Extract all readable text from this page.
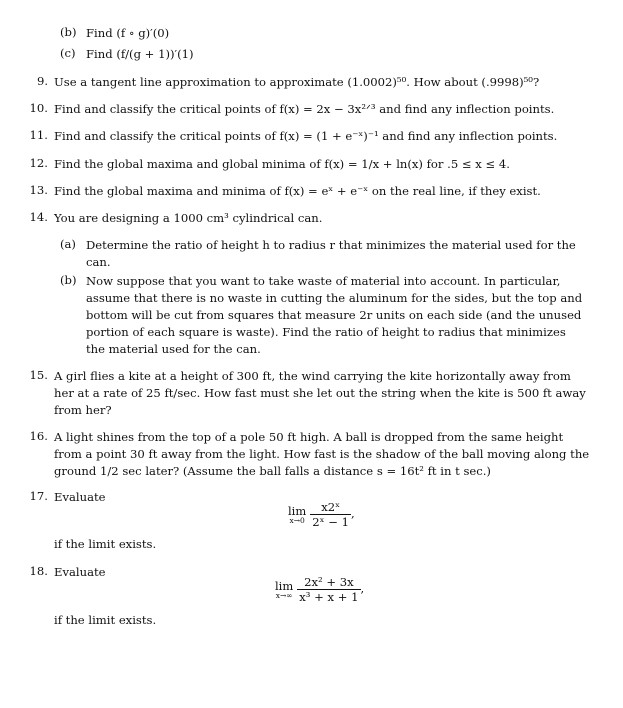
(b) Find (f ∘ g)′(0)
(c) Find (f/(g + 1))′(1)
9. Use a tangent line approximation to approximate (1.0002)⁵⁰. How about (.9998)⁵⁰?
10. Find and classify the critical points of f(x) = 2x − 3x²ᐟ³ and find any inflection points.
11. Find and classify the critical points of f(x) = (1 + e⁻ˣ)⁻¹ and find any inflection points.
12. Find the global maxima and global minima of f(x) = 1/x + ln(x) for .5 ≤ x ≤ 4.
13. Find the global maxima and minima of f(x) = eˣ + e⁻ˣ on the real line, if they exist.
14. You are designing a 1000 cm³ cylindrical can.
(a) Determine the ratio of height h to radius r that minimizes the material used for the can.
(b) Now suppose that you want to take waste of material into account. In particular, assume that there is no waste in cutting the aluminum for the sides, but the top and bottom will be cut from squares that measure 2r units on each side (and the unused portion of each square is waste). Find the ratio of height to radius that minimizes the material used for the can.
15. A girl flies a kite at a height of 300 ft, the wind carrying the kite horizontally away from her at a rate of 25 ft/sec. How fast must she let out the string when the kite is 500 ft away from her?
16. A light shines from the top of a pole 50 ft high. A ball is dropped from the same height from a point 30 ft away from the light. How fast is the shadow of the ball moving along the ground 1/2 sec later? (Assume the ball falls a distance s = 16t² ft in t sec.)
17. Evaluate
lim
$x\to 0 \frac{\text{x2ˣ}}{\text{2ˣ − 1}}$ ,
if the limit exists.
18. Evaluate
lim
$x\to\infty \frac{\text{2x² + 3x}}{\text{x³ + x + 1}}$ ,
if the limit exists.
